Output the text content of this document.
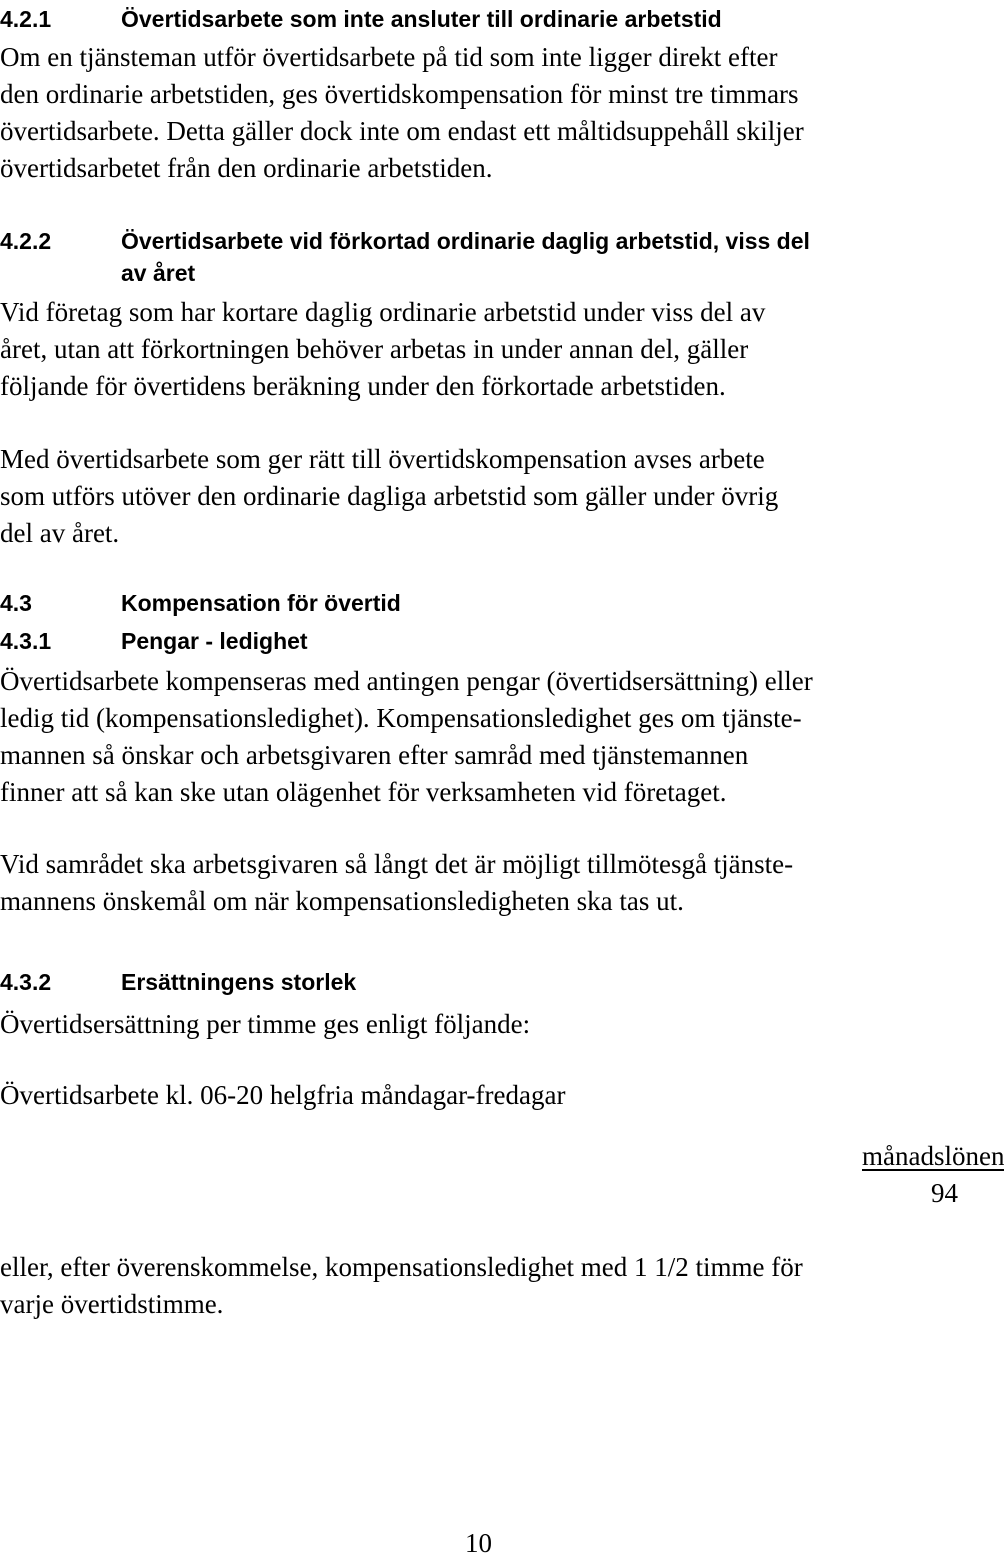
4.2.1	Övertidsarbete som inte ansluter till ordinarie arbetstid
Om en tjänsteman utför övertidsarbete på tid som inte ligger direkt efter
den ordinarie arbetstiden, ges övertidskompensation för minst tre timmars
övertidsarbete. Detta gäller dock inte om endast ett måltidsuppehåll skiljer
övertidsarbetet från den ordinarie arbetstiden.
4.2.2	Övertidsarbete vid förkortad ordinarie daglig arbetstid, viss del
av året
Vid företag som har kortare daglig ordinarie arbetstid under viss del av
året, utan att förkortningen behöver arbetas in under annan del, gäller
följande för övertidens beräkning under den förkortade arbetstiden.
Med övertidsarbete som ger rätt till övertidskompensation avses arbete
som utförs utöver den ordinarie dagliga arbetstid som gäller under övrig
del av året.
4.3	Kompensation för övertid
4.3.1	Pengar - ledighet
Övertidsarbete kompenseras med antingen pengar (övertidsersättning) eller
ledig tid (kompensationsledighet). Kompensationsledighet ges om tjänste-
mannen så önskar och arbetsgivaren efter samråd med tjänstemannen
finner att så kan ske utan olägenhet för verksamheten vid företaget.
Vid samrådet ska arbetsgivaren så långt det är möjligt tillmötesgå tjänste-
mannens önskemål om när kompensationsledigheten ska tas ut.
4.3.2	Ersättningens storlek
Övertidsersättning per timme ges enligt följande:
Övertidsarbete kl. 06-20 helgfria måndagar-fredagar
månadslönen
94
eller, efter överenskommelse, kompensationsledighet med 1 1/2 timme för
varje övertidstimme.
10
